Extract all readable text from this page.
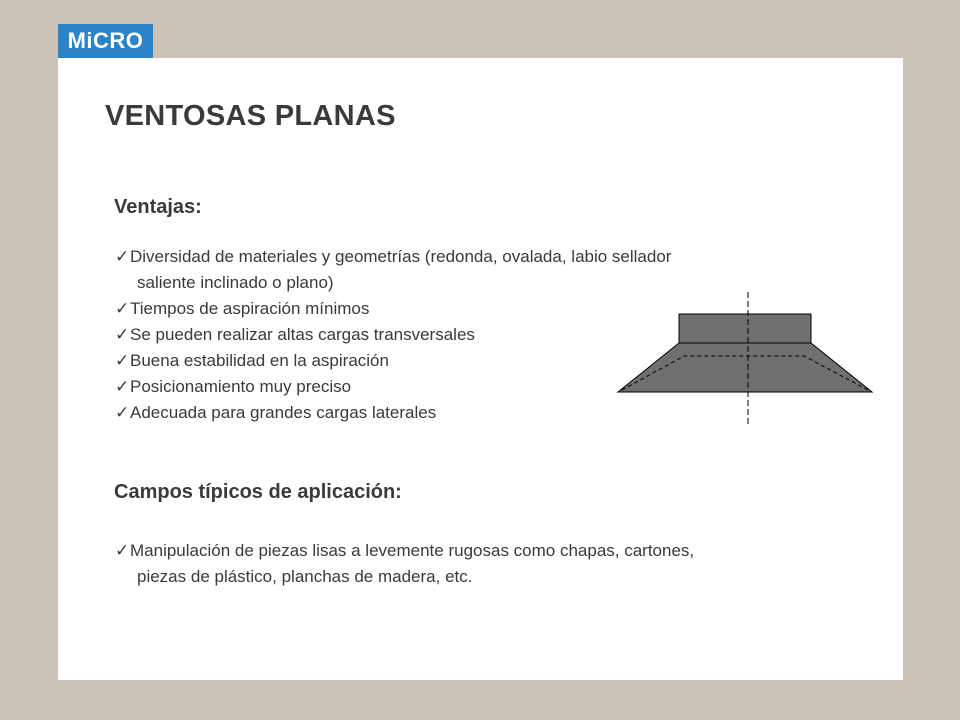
MiCRO
VENTOSAS PLANAS
Ventajas:
✓Diversidad de materiales y geometrías (redonda, ovalada, labio sellador
saliente inclinado o plano)
✓Tiempos de aspiración mínimos
✓Se pueden realizar altas cargas transversales
✓Buena estabilidad en la aspiración
✓Posicionamiento muy preciso
✓Adecuada para grandes cargas laterales
Campos típicos de aplicación:
✓Manipulación de piezas lisas a levemente rugosas como chapas, cartones,
piezas de plástico, planchas de madera, etc.
